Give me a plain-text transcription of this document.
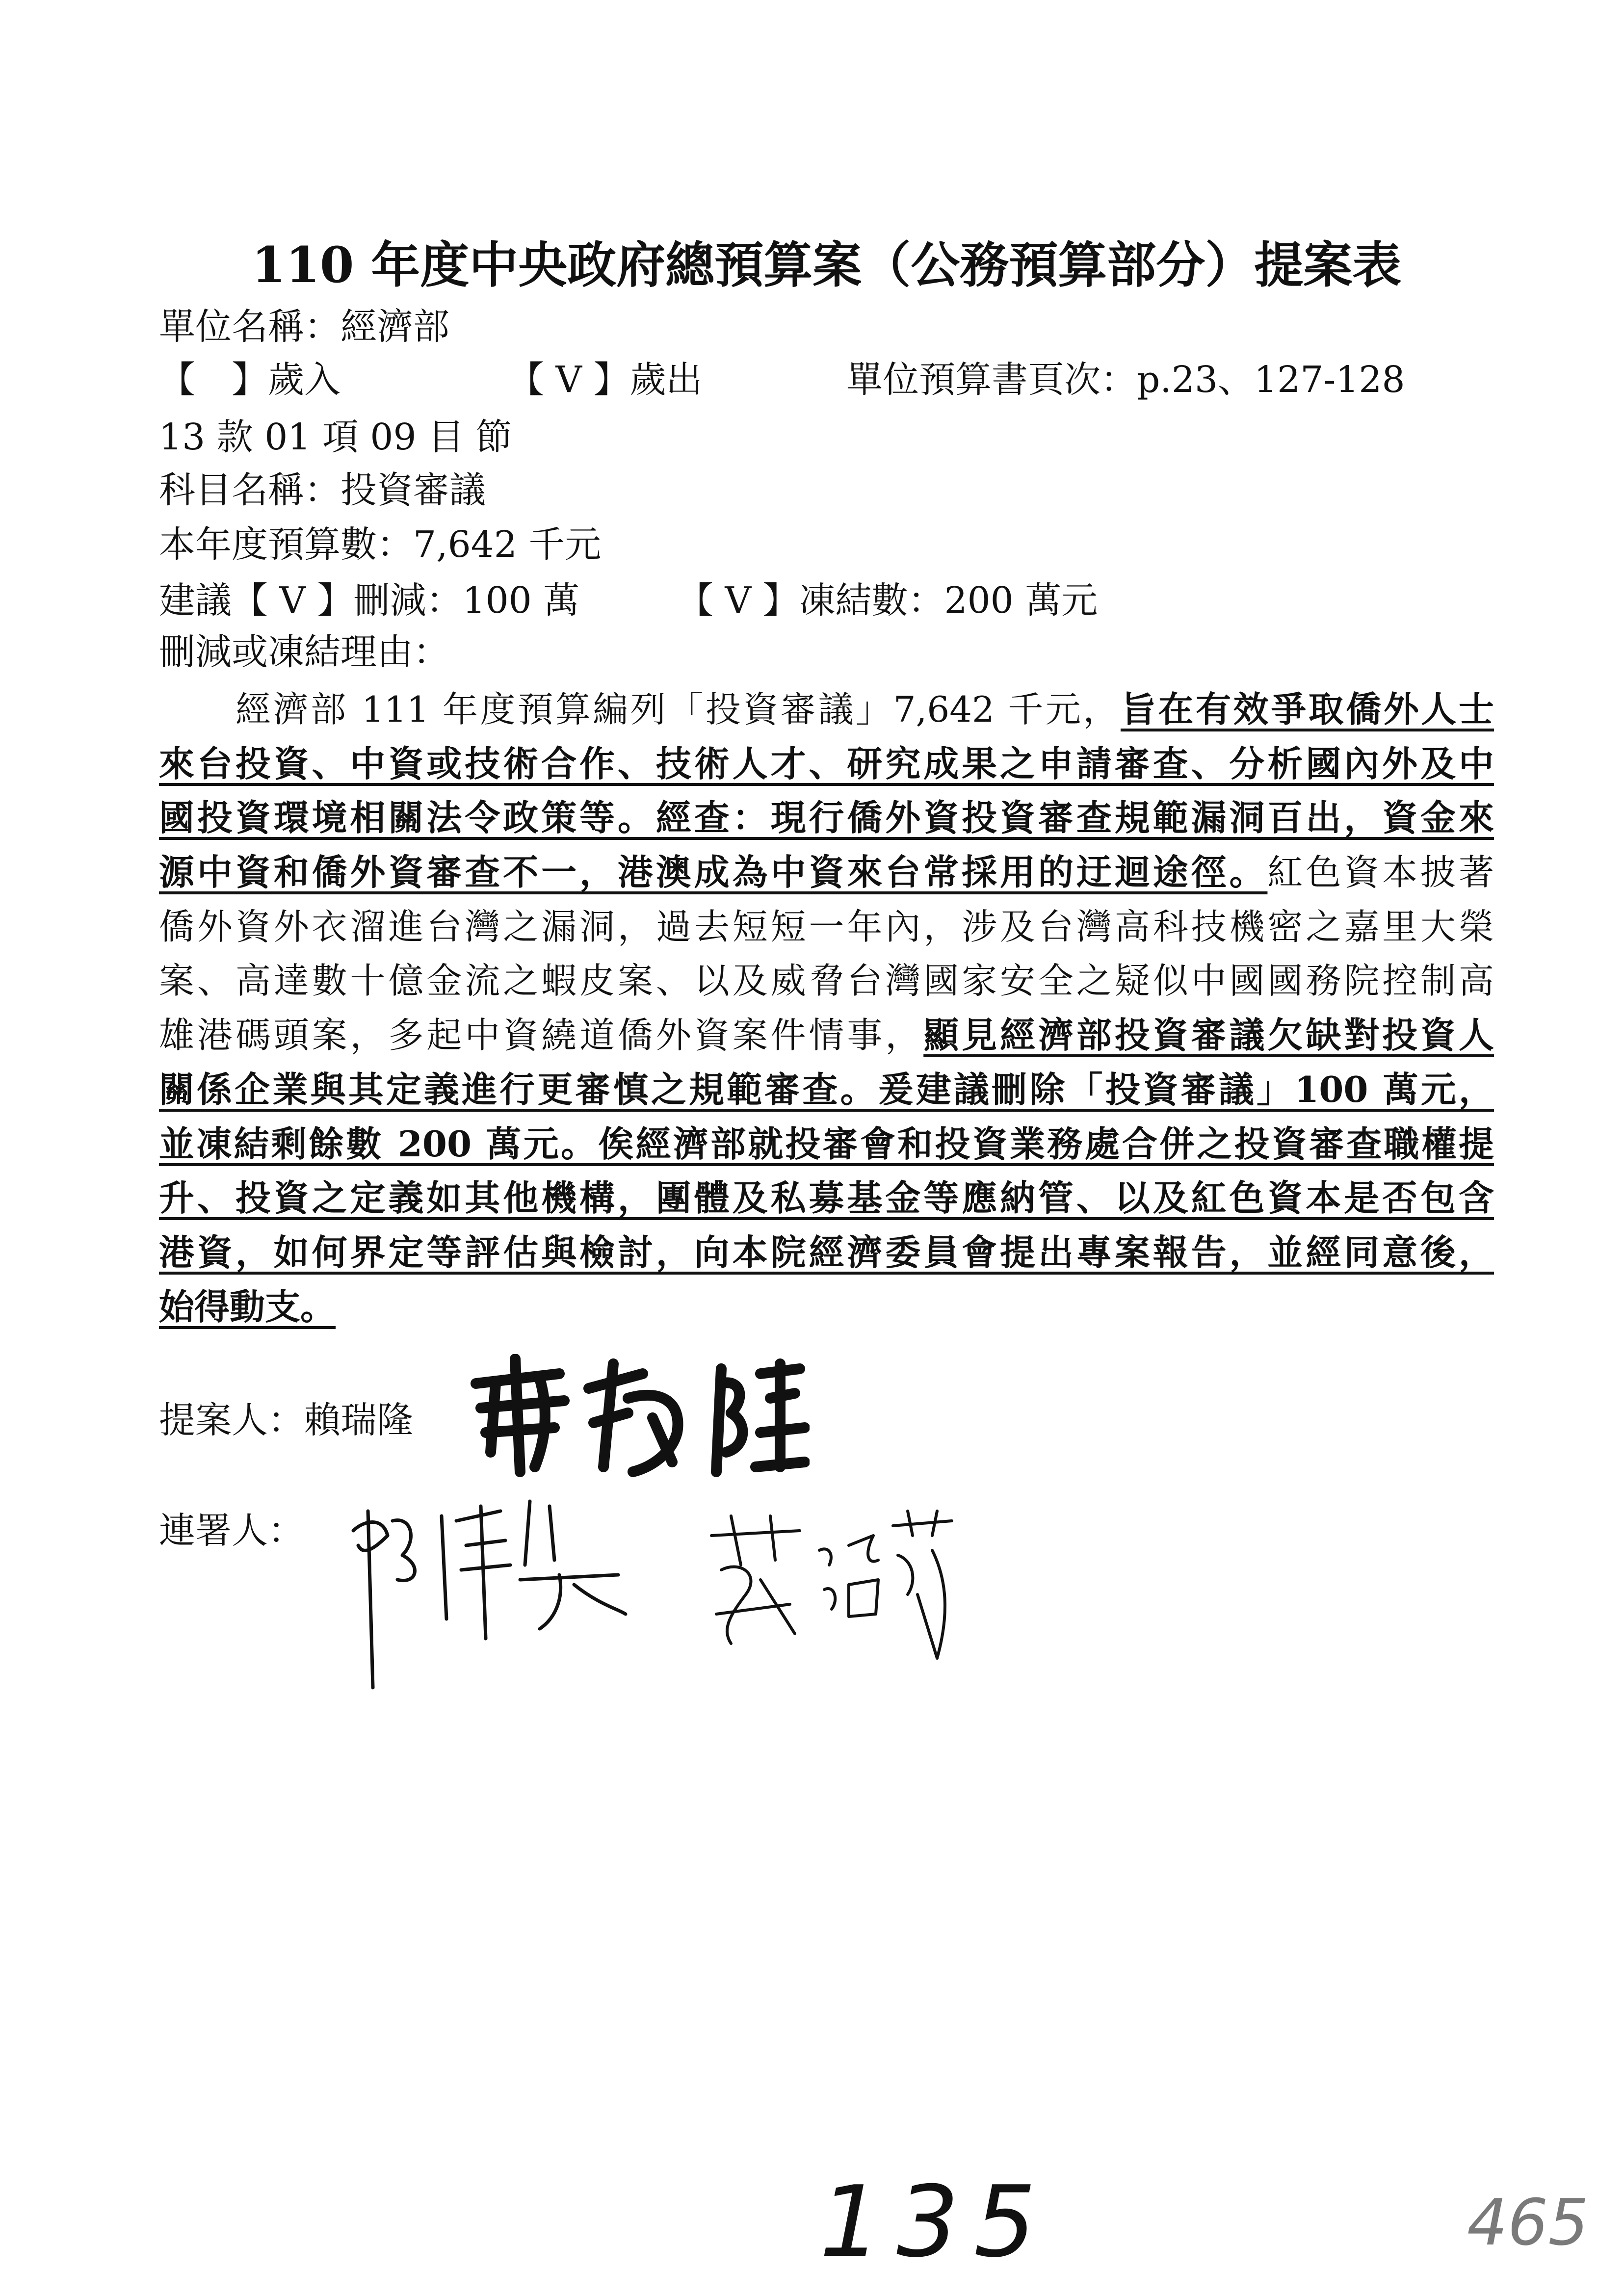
110 年度中央政府總預算案（公務預算部分）提案表
單位名稱：經濟部
【　】歲入	【 V 】歲出	單位預算書頁次：p.23、127-128
13 款 01 項 09 目 節
科目名稱：投資審議
本年度預算數：7,642 千元
建議【 V 】刪減：100 萬	【 V 】凍結數：200 萬元
刪減或凍結理由：
經濟部 111 年度預算編列「投資審議」7,642 千元，旨在有效爭取僑外人士
來台投資、中資或技術合作、技術人才、研究成果之申請審查、分析國內外及中
國投資環境相關法令政策等。經查：現行僑外資投資審查規範漏洞百出，資金來
源中資和僑外資審查不一，港澳成為中資來台常採用的迂迴途徑。紅色資本披著
僑外資外衣溜進台灣之漏洞，過去短短一年內，涉及台灣高科技機密之嘉里大榮
案、高達數十億金流之蝦皮案、以及威脅台灣國家安全之疑似中國國務院控制高
雄港碼頭案，多起中資繞道僑外資案件情事，顯見經濟部投資審議欠缺對投資人
關係企業與其定義進行更審慎之規範審查。爰建議刪除「投資審議」100 萬元，
並凍結剩餘數 200 萬元。俟經濟部就投審會和投資業務處合併之投資審查職權提
升、投資之定義如其他機構，團體及私募基金等應納管、以及紅色資本是否包含
港資，如何界定等評估與檢討，向本院經濟委員會提出專案報告，並經同意後，
始得動支。
提案人：賴瑞隆
連署人：
135	465
